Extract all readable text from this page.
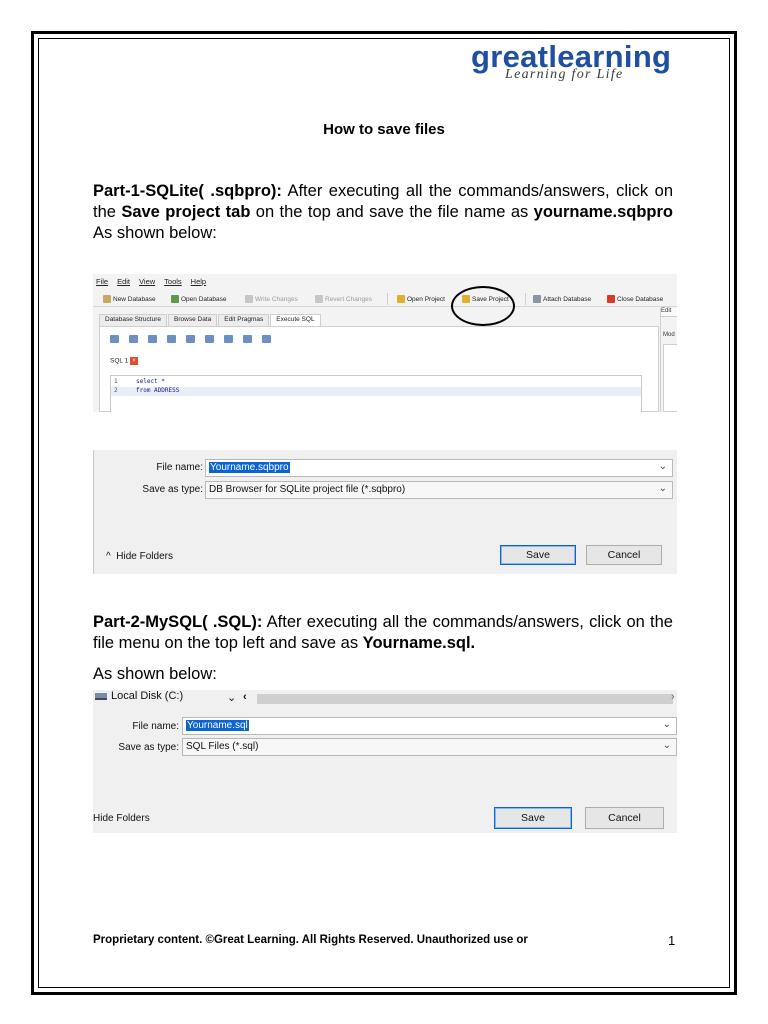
greatlearning
Learning for Life
How to save files
Part-1-SQLite( .sqbpro): After executing all the commands/answers, click on the Save project tab on the top and save the file name as yourname.sqbpro As shown below:
File Edit View Tools Help
New Database	Open Database	Write Changes	Revert Changes	Open Project	Save Project	Attach Database	Close Database
Database Structure	Browse Data	Edit Pragmas	Execute SQL
SQL 1 ×
1	select *
2	from ADDRESS
Edit
Mod
File name: Yourname.sqbpro	⌄
Save as type: DB Browser for SQLite project file (*.sqbpro)	⌄
^ Hide Folders	Save	Cancel
Part-2-MySQL( .SQL): After executing all the commands/answers, click on the file menu on the top left and save as Yourname.sql.
As shown below:
Local Disk (C:)	⌄ ‹	›
File name: Yourname.sql	⌄
Save as type: SQL Files (*.sql)	⌄
Hide Folders	Save	Cancel
Proprietary content. ©Great Learning. All Rights Reserved. Unauthorized use or	1
